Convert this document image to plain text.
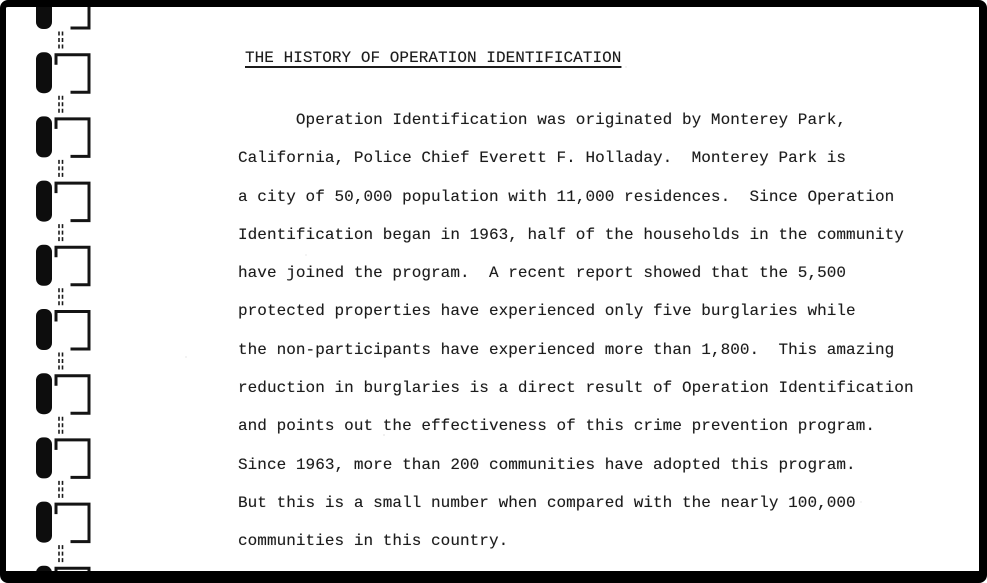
THE HISTORY OF OPERATION IDENTIFICATION
Operation Identification was originated by Monterey Park,
California, Police Chief Everett F. Holladay.  Monterey Park is
a city of 50,000 population with 11,000 residences.  Since Operation
Identification began in 1963, half of the households in the community
have joined the program.  A recent report showed that the 5,500
protected properties have experienced only five burglaries while
the non-participants have experienced more than 1,800.  This amazing
reduction in burglaries is a direct result of Operation Identification
and points out the effectiveness of this crime prevention program.
Since 1963, more than 200 communities have adopted this program.
But this is a small number when compared with the nearly 100,000
communities in this country.
